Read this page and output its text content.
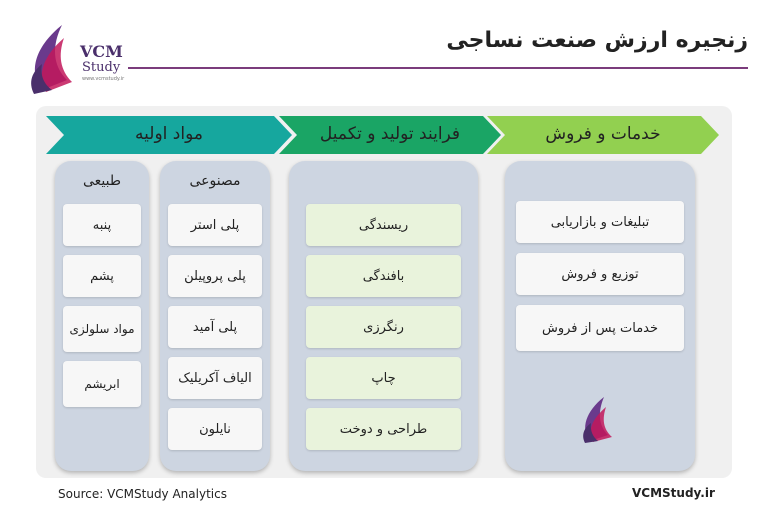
VCM
Study
www.vcmstudy.ir
زنجیره ارزش صنعت نساجی
خدمات و فروش
فرایند تولید و تکمیل
مواد اولیه
طبیعی
پنبه
پشم
مواد سلولزی
ابریشم
مصنوعی
پلی استر
پلی پروپیلن
پلی آمید
الیاف آکریلیک
نایلون
ریسندگی
بافندگی
رنگرزی
چاپ
طراحی و دوخت
تبلیغات و بازاریابی
توزیع و فروش
خدمات پس از فروش
Source: VCMStudy Analytics	VCMStudy.ir
